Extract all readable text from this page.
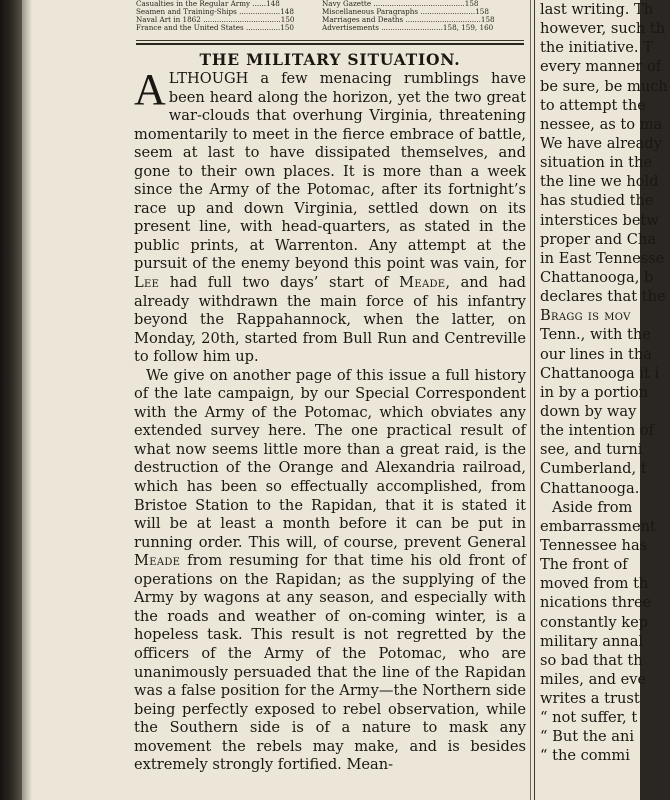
Casualties in the Regular Army ......148	Navy Gazette ........................................158
Seamen and Training-Ships ..................148	Miscellaneous Paragraphs ........................158
Naval Art in 1862 ..................................150	Marriages and Deaths .................................158
France and the United States ...............150	Advertisements ...........................158, 159, 160
THE MILITARY SITUATION.

ALTHOUGH a few menacing rumblings have been heard along the horizon, yet the two great war-clouds that overhung Virginia, threatening momentarily to meet in the fierce embrace of battle, seem at last to have dissipated themselves, and gone to their own places. It is more than a week since the Army of the Potomac, after its fortnight’s race up and down Virginia, settled down on its present line, with head-quarters, as stated in the public prints, at Warrenton. Any attempt at the pursuit of the enemy beyond this point was vain, for Lee had full two days’ start of Meade, and had already withdrawn the main force of his infantry beyond the Rappahannock, when the latter, on Monday, 20th, started from Bull Run and Centreville to follow him up.

We give on another page of this issue a full history of the late campaign, by our Special Correspondent with the Army of the Potomac, which obviates any extended survey here. The one practical result of what now seems little more than a great raid, is the destruction of the Orange and Alexandria railroad, which has been so effectually accomplished, from Bristoe Station to the Rapidan, that it is stated it will be at least a month before it can be put in running order. This will, of course, prevent General Meade from resuming for that time his old front of operations on the Rapidan; as the supplying of the Army by wagons at any season, and especially with the roads and weather of on-coming winter, is a hopeless task. This result is not regretted by the officers of the Army of the Potomac, who are unanimously persuaded that the line of the Rapidan was a false position for the Army—the Northern side being perfectly exposed to rebel observation, while the Southern side is of a nature to mask any movement the rebels may make, and is besides extremely strongly fortified. Mean-

last writing. Th
however, such th
the initiative. T
every manner of
be sure, be much
to attempt the
nessee, as to ma
We have already
situation in the
the line we hold
has studied the
interstices betw
proper and Cha
in East Tennesse
Chattanooga, b
declares that the
Bragg is mov
Tenn., with the
our lines in tha
Chattanooga it i
in by a portion
down by way
the intention of
see, and turni
Cumberland, t
Chattanooga.
Aside from
embarrassment
Tennessee has
The front of
moved from th
nications three
constantly kep
military annal
so bad that th
miles, and eve
writes a trust
“ not suffer, t
“ But the ani
“ the commi
